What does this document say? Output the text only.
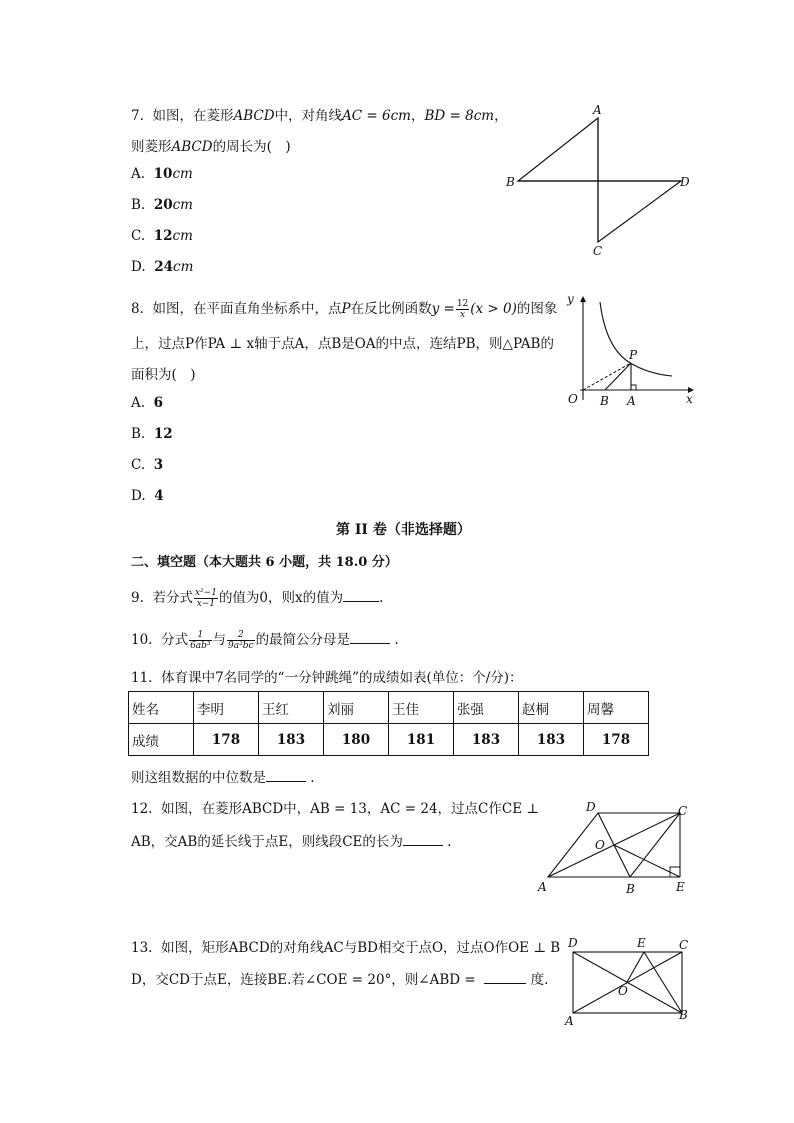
7. 如图，在菱形ABCD中，对角线AC = 6cm，BD = 8cm，
则菱形ABCD的周长为(　)
A. 10cm
B. 20cm
C. 12cm
D. 24cm
A
B
C
D
8. 如图，在平面直角坐标系中，点P在反比例函数$y = \frac{12}{x} (x > 0)$的图象
上，过点P作PA ⊥ x轴于点A，点B是OA的中点，连结PB，则△PAB的
面积为(　)
A. 6
B. 12
C. 3
D. 4
y
x
O B A
P
第 II 卷（非选择题）
二、填空题（本大题共 6 小题，共 18.0 分）
9. 若分式 $\frac{\text{x²−1}}{x-1}$ 的值为0，则x的值为	.
10. 分式 $\frac{1}{\text{6ab³}}$ 与 $\frac{2}{\text{9a²bc}}$ 的最简公分母是	.
11. 体育课中7名同学的“一分钟跳绳”的成绩如表(单位：个/分)：
姓名	李明	王红	刘丽	王佳	张强	赵桐	周馨
成绩	178	183	180	181	183	183	178
则这组数据的中位数是	.
12. 如图，在菱形ABCD中，AB = 13，AC = 24，过点C作CE ⊥
AB，交AB的延长线于点E，则线段CE的长为	.
D	C
A	B	E
O
13. 如图，矩形ABCD的对角线AC与BD相交于点O，过点O作OE ⊥ B
D，交CD于点E，连接BE.若∠COE = 20°，则∠ABD =	度.
D	E	C
A	B
O
